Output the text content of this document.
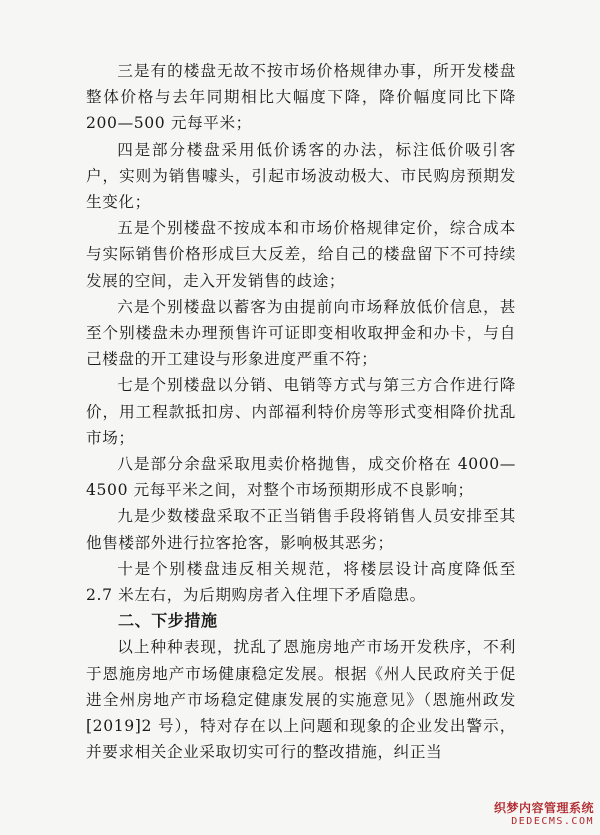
三是有的楼盘无故不按市场价格规律办事，所开发楼盘整体价格与去年同期相比大幅度下降，降价幅度同比下降 200—500 元每平米；

四是部分楼盘采用低价诱客的办法，标注低价吸引客户，实则为销售噱头，引起市场波动极大、市民购房预期发生变化；

五是个别楼盘不按成本和市场价格规律定价，综合成本与实际销售价格形成巨大反差，给自己的楼盘留下不可持续发展的空间，走入开发销售的歧途；

六是个别楼盘以蓄客为由提前向市场释放低价信息，甚至个别楼盘未办理预售许可证即变相收取押金和办卡，与自己楼盘的开工建设与形象进度严重不符；

七是个别楼盘以分销、电销等方式与第三方合作进行降价，用工程款抵扣房、内部福利特价房等形式变相降价扰乱市场；

八是部分余盘采取甩卖价格抛售，成交价格在 4000—4500 元每平米之间，对整个市场预期形成不良影响；

九是少数楼盘采取不正当销售手段将销售人员安排至其他售楼部外进行拉客抢客，影响极其恶劣；

十是个别楼盘违反相关规范，将楼层设计高度降低至 2.7 米左右，为后期购房者入住埋下矛盾隐患。

二、下步措施

以上种种表现，扰乱了恩施房地产市场开发秩序，不利于恩施房地产市场健康稳定发展。根据《州人民政府关于促进全州房地产市场稳定健康发展的实施意见》（恩施州政发[2019]2 号），特对存在以上问题和现象的企业发出警示，并要求相关企业采取切实可行的整改措施，纠正当

织梦内容管理系统
DEDECMS.COM
